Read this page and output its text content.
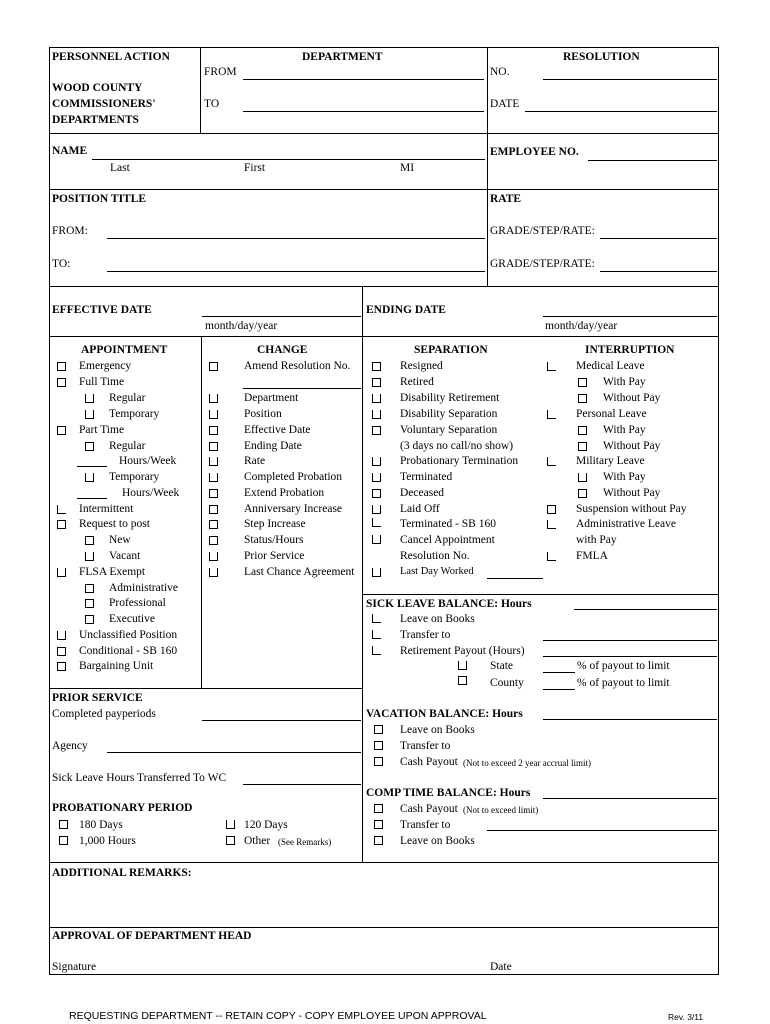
PERSONNEL ACTION
WOOD COUNTY
COMMISSIONERS'
DEPARTMENTS
DEPARTMENT
FROM
TO
RESOLUTION
NO.
DATE
NAME
Last	First	MI
EMPLOYEE NO.
POSITION TITLE	RATE
FROM:
TO:
GRADE/STEP/RATE:
GRADE/STEP/RATE:
EFFECTIVE DATE
month/day/year
ENDING DATE
month/day/year
APPOINTMENT
Emergency
Full Time
Regular
Temporary
Part Time
Regular
Hours/Week
Temporary
Hours/Week
Intermittent
Request to post
New
Vacant
FLSA Exempt
Administrative
Professional
Executive
Unclassified Position
Conditional - SB 160
Bargaining Unit
CHANGE
Amend Resolution No.
Department
Position
Effective Date
Ending Date
Rate
Completed Probation
Extend Probation
Anniversary Increase
Step Increase
Status/Hours
Prior Service
Last Chance Agreement
SEPARATION
Resigned
Retired
Disability Retirement
Disability Separation
Voluntary Separation
(3 days no call/no show)
Probationary Termination
Terminated
Deceased
Laid Off
Terminated - SB 160
Cancel Appointment
Resolution No.
Last Day Worked
INTERRUPTION
Medical Leave
With Pay
Without Pay
Personal Leave
With Pay
Without Pay
Military Leave
With Pay
Without Pay
Suspension without Pay
Administrative Leave
with Pay
FMLA
SICK LEAVE BALANCE: Hours
Leave on Books
Transfer to
Retirement Payout (Hours)
State	% of payout to limit
County	% of payout to limit
PRIOR SERVICE
Completed payperiods
Agency
Sick Leave Hours Transferred To WC
PROBATIONARY PERIOD
180 Days	120 Days
1,000 Hours	Other (See Remarks)
VACATION BALANCE: Hours
Leave on Books
Transfer to
Cash Payout (Not to exceed 2 year accrual limit)
COMP TIME BALANCE: Hours
Cash Payout (Not to exceed limit)
Transfer to
Leave on Books
ADDITIONAL REMARKS:
APPROVAL OF DEPARTMENT HEAD
Signature	Date
REQUESTING DEPARTMENT -- RETAIN COPY - COPY EMPLOYEE UPON APPROVAL	Rev. 3/11
